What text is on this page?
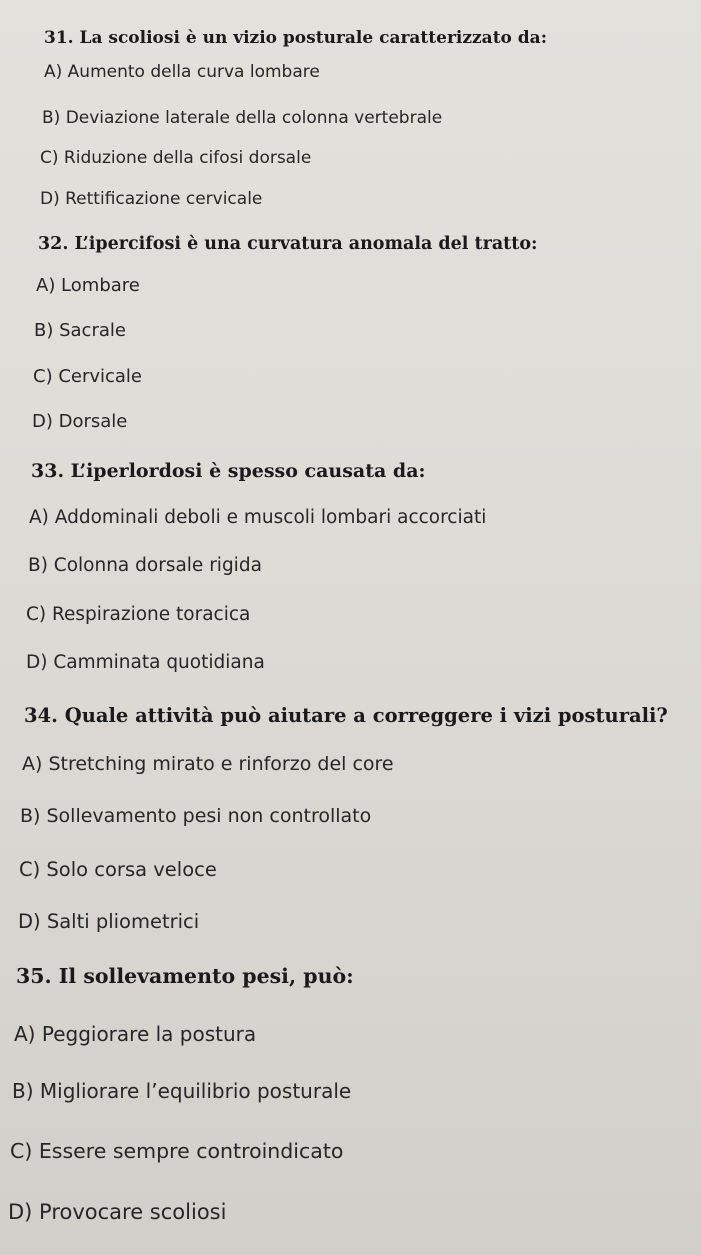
31. La scoliosi è un vizio posturale caratterizzato da:
A) Aumento della curva lombare
B) Deviazione laterale della colonna vertebrale
C) Riduzione della cifosi dorsale
D) Rettificazione cervicale
32. L’ipercifosi è una curvatura anomala del tratto:
A) Lombare
B) Sacrale
C) Cervicale
D) Dorsale
33. L’iperlordosi è spesso causata da:
A) Addominali deboli e muscoli lombari accorciati
B) Colonna dorsale rigida
C) Respirazione toracica
D) Camminata quotidiana
34. Quale attività può aiutare a correggere i vizi posturali?
A) Stretching mirato e rinforzo del core
B) Sollevamento pesi non controllato
C) Solo corsa veloce
D) Salti pliometrici
35. Il sollevamento pesi, può:
A) Peggiorare la postura
B) Migliorare l’equilibrio posturale
C) Essere sempre controindicato
D) Provocare scoliosi
